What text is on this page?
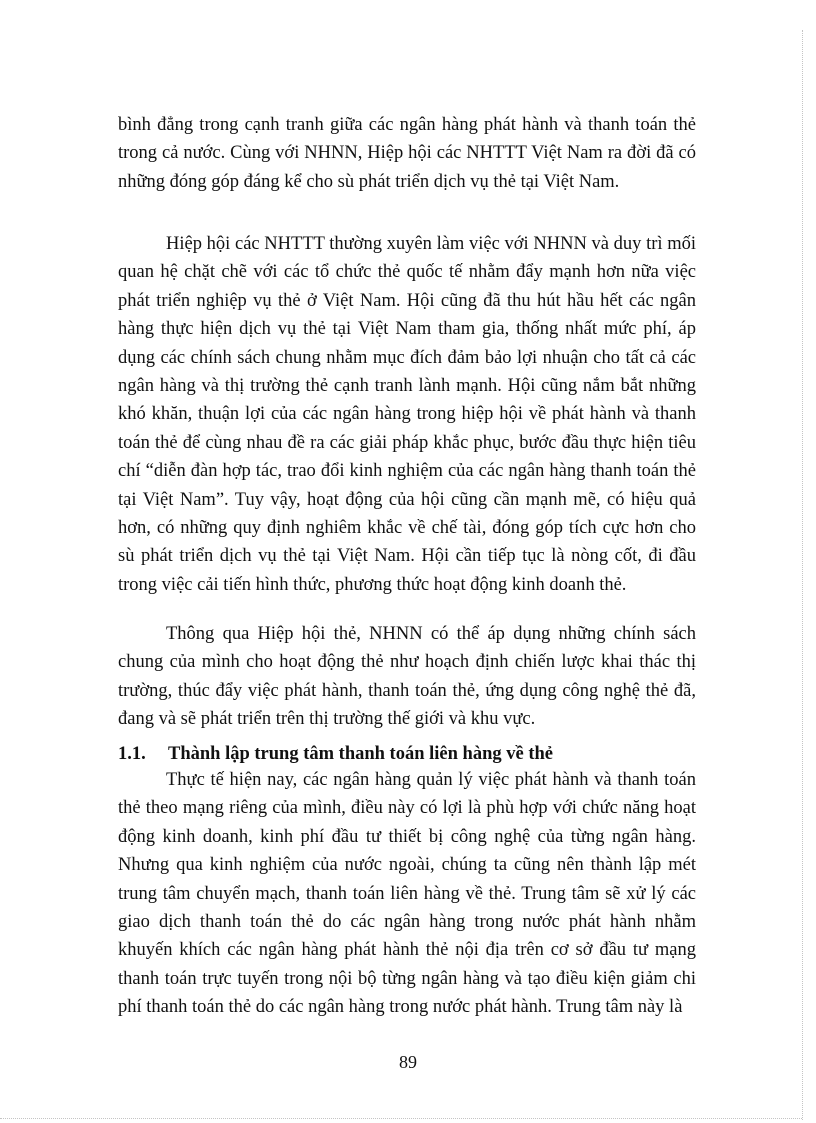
bình đẳng trong cạnh tranh giữa các ngân hàng phát hành và thanh toán thẻ trong cả nước. Cùng với NHNN, Hiệp hội các NHTTT Việt Nam ra đời đã có những đóng góp đáng kể cho sù phát triển dịch vụ thẻ tại Việt Nam.

Hiệp hội các NHTTT thường xuyên làm việc với NHNN và duy trì mối quan hệ chặt chẽ với các tổ chức thẻ quốc tế nhằm đẩy mạnh hơn nữa việc phát triển nghiệp vụ thẻ ở Việt Nam. Hội cũng đã thu hút hầu hết các ngân hàng thực hiện dịch vụ thẻ tại Việt Nam tham gia, thống nhất mức phí, áp dụng các chính sách chung nhằm mục đích đảm bảo lợi nhuận cho tất cả các ngân hàng và thị trường thẻ cạnh tranh lành mạnh. Hội cũng nắm bắt những khó khăn, thuận lợi của các ngân hàng trong hiệp hội về phát hành và thanh toán thẻ để cùng nhau đề ra các giải pháp khắc phục, bước đầu thực hiện tiêu chí “diễn đàn hợp tác, trao đổi kinh nghiệm của các ngân hàng thanh toán thẻ tại Việt Nam”. Tuy vậy, hoạt động của hội cũng cần mạnh mẽ, có hiệu quả hơn, có những quy định nghiêm khắc về chế tài, đóng góp tích cực hơn cho sù phát triển dịch vụ thẻ tại Việt Nam. Hội cần tiếp tục là nòng cốt, đi đầu trong việc cải tiến hình thức, phương thức hoạt động kinh doanh thẻ.

Thông qua Hiệp hội thẻ, NHNN có thể áp dụng những chính sách chung của mình cho hoạt động thẻ như hoạch định chiến lược khai thác thị trường, thúc đẩy việc phát hành, thanh toán thẻ, ứng dụng công nghệ thẻ đã, đang và sẽ phát triển trên thị trường thế giới và khu vực.

1.1. Thành lập trung tâm thanh toán liên hàng về thẻ

Thực tế hiện nay, các ngân hàng quản lý việc phát hành và thanh toán thẻ theo mạng riêng của mình, điều này có lợi là phù hợp với chức năng hoạt động kinh doanh, kinh phí đầu tư thiết bị công nghệ của từng ngân hàng. Nhưng qua kinh nghiệm của nước ngoài, chúng ta cũng nên thành lập mét trung tâm chuyển mạch, thanh toán liên hàng về thẻ. Trung tâm sẽ xử lý các giao dịch thanh toán thẻ do các ngân hàng trong nước phát hành nhằm khuyến khích các ngân hàng phát hành thẻ nội địa trên cơ sở đầu tư mạng thanh toán trực tuyến trong nội bộ từng ngân hàng và tạo điều kiện giảm chi phí thanh toán thẻ do các ngân hàng trong nước phát hành. Trung tâm này là

89
